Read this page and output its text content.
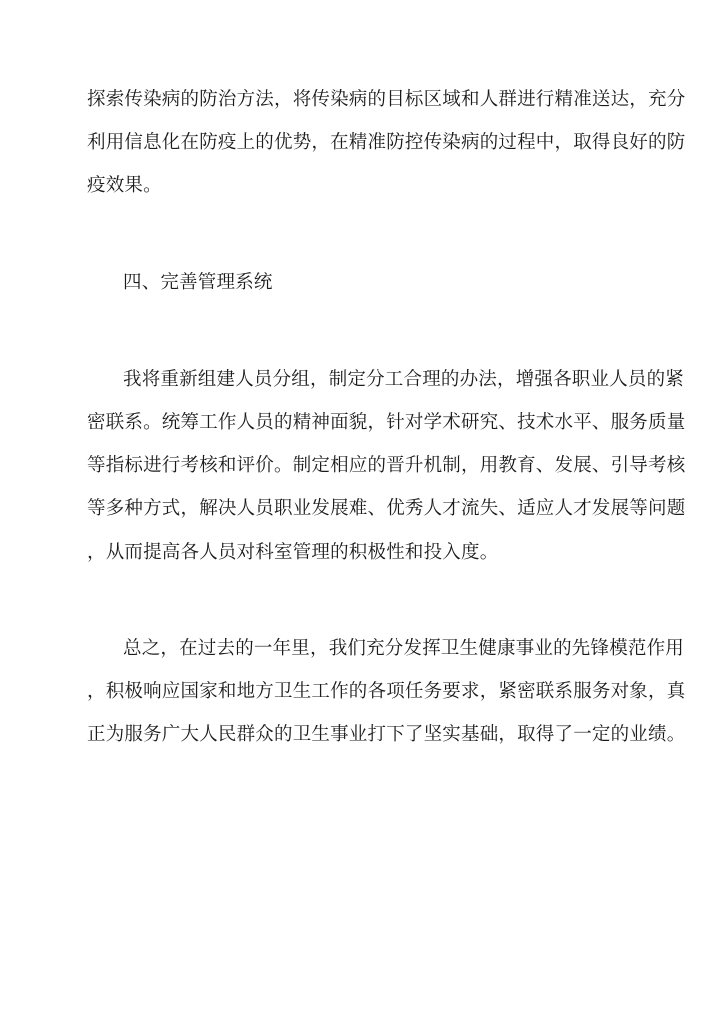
探索传染病的防治方法，将传染病的目标区域和人群进行精准送达，充分
利用信息化在防疫上的优势，在精准防控传染病的过程中，取得良好的防
疫效果。
四、完善管理系统
我将重新组建人员分组，制定分工合理的办法，增强各职业人员的紧
密联系。统筹工作人员的精神面貌，针对学术研究、技术水平、服务质量
等指标进行考核和评价。制定相应的晋升机制，用教育、发展、引导考核
等多种方式，解决人员职业发展难、优秀人才流失、适应人才发展等问题
，从而提高各人员对科室管理的积极性和投入度。
总之，在过去的一年里，我们充分发挥卫生健康事业的先锋模范作用
，积极响应国家和地方卫生工作的各项任务要求，紧密联系服务对象，真
正为服务广大人民群众的卫生事业打下了坚实基础，取得了一定的业绩。
